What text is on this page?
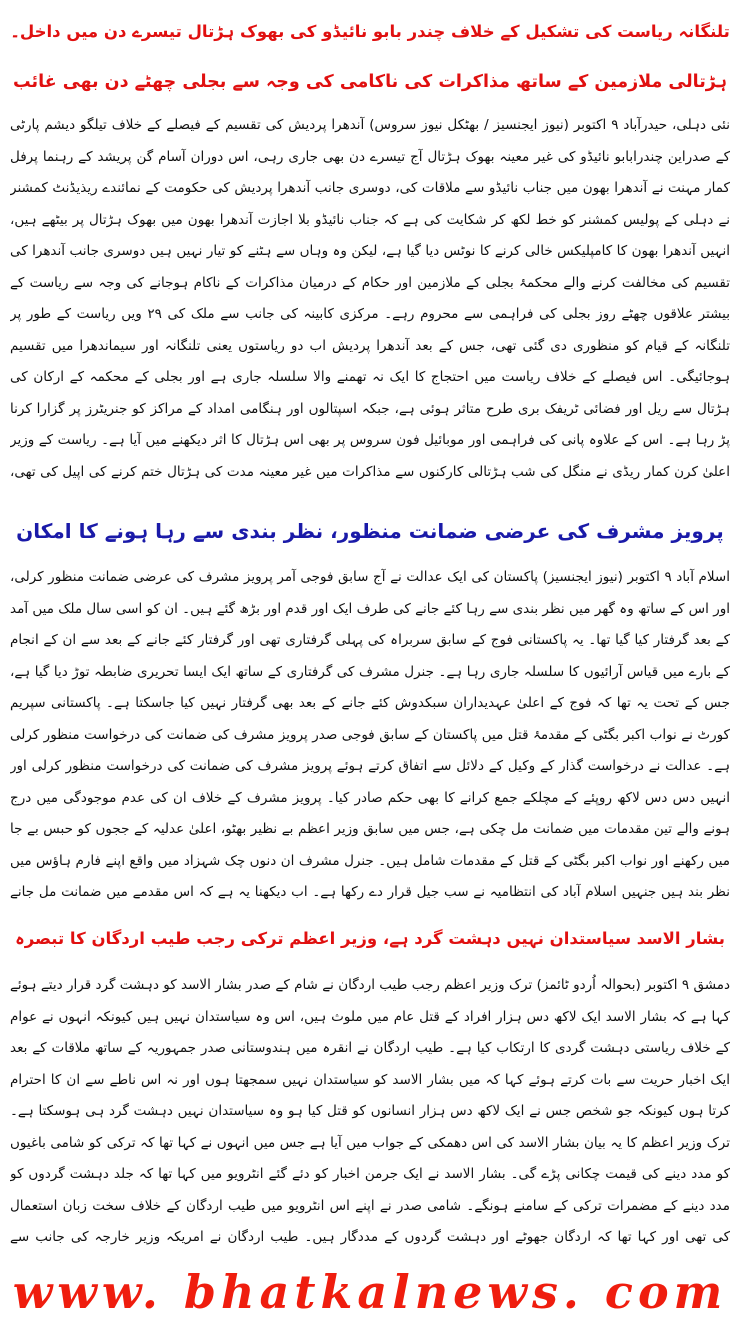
تلنگانہ ریاست کی تشکیل کے خلاف چندر بابو نائیڈو کی بھوک ہڑتال تیسرے دن میں داخل۔
ہڑتالی ملازمین کے ساتھ مذاکرات کی ناکامی کی وجہ سے بجلی چھٹے دن بھی غائب

نئی دہلی، حیدرآباد ۹ اکتوبر (نیوز ایجنسیز / بھٹکل نیوز سروس) آندھرا پردیش کی تقسیم کے فیصلے کے خلاف تیلگو دیشم پارٹی کے صدراین چندرابابو نائیڈو کی غیر معینہ بھوک ہڑتال آج تیسرے دن بھی جاری رہی، اس دوران آسام گن پریشد کے رہنما پرفل کمار مہنت نے آندھرا بھون میں جناب نائیڈو سے ملاقات کی، دوسری جانب آندھرا پردیش کی حکومت کے نمائندے ریذیڈنٹ کمشنر نے دہلی کے پولیس کمشنر کو خط لکھ کر شکایت کی ہے کہ جناب نائیڈو بلا اجازت آندھرا بھون میں بھوک ہڑتال پر بیٹھے ہیں، انہیں آندھرا بھون کا کامپلیکس خالی کرنے کا نوٹس دیا گیا ہے، لیکن وہ وہاں سے ہٹنے کو تیار نہیں ہیں دوسری جانب آندھرا کی تقسیم کی مخالفت کرنے والے محکمۂ بجلی کے ملازمین اور حکام کے درمیان مذاکرات کے ناکام ہوجانے کی وجہ سے ریاست کے بیشتر علاقوں چھٹے روز بجلی کی فراہمی سے محروم رہے۔ مرکزی کابینہ کی جانب سے ملک کی ۲۹ ویں ریاست کے طور پر تلنگانہ کے قیام کو منظوری دی گئی تھی، جس کے بعد آندھرا پردیش اب دو ریاستوں یعنی تلنگانہ اور سیماندھرا میں تقسیم ہوجائیگی۔ اس فیصلے کے خلاف ریاست میں احتجاج کا ایک نہ تھمنے والا سلسلہ جاری ہے اور بجلی کے محکمہ کے ارکان کی ہڑتال سے ریل اور فضائی ٹریفک بری طرح متاثر ہوئی ہے، جبکہ اسپتالوں اور ہنگامی امداد کے مراکز کو جنریٹرز پر گزارا کرنا پڑ رہا ہے۔ اس کے علاوہ پانی کی فراہمی اور موبائیل فون سروس پر بھی اس ہڑتال کا اثر دیکھنے میں آیا ہے۔ ریاست کے وزیر اعلیٰ کرن کمار ریڈی نے منگل کی شب ہڑتالی کارکنوں سے مذاکرات میں غیر معینہ مدت کی ہڑتال ختم کرنے کی اپیل کی تھی،

پرویز مشرف کی عرضی ضمانت منظور، نظر بندی سے رہا ہونے کا امکان

اسلام آباد ۹ اکتوبر (نیوز ایجنسیز) پاکستان کی ایک عدالت نے آج سابق فوجی آمر پرویز مشرف کی عرضی ضمانت منظور کرلی، اور اس کے ساتھ وہ گھر میں نظر بندی سے رہا کئے جانے کی طرف ایک اور قدم اور بڑھ گئے ہیں۔ ان کو اسی سال ملک میں آمد کے بعد گرفتار کیا گیا تھا۔ یہ پاکستانی فوج کے سابق سربراہ کی پہلی گرفتاری تھی اور گرفتار کئے جانے کے بعد سے ان کے انجام کے بارے میں قیاس آرائیوں کا سلسلہ جاری رہا ہے۔ جنرل مشرف کی گرفتاری کے ساتھ ایک ایسا تحریری ضابطہ توڑ دیا گیا ہے، جس کے تحت یہ تھا کہ فوج کے اعلیٰ عہدیداران سبکدوش کئے جانے کے بعد بھی گرفتار نہیں کیا جاسکتا ہے۔ پاکستانی سپریم کورٹ نے نواب اکبر بگٹی کے مقدمۂ قتل میں پاکستان کے سابق فوجی صدر پرویز مشرف کی ضمانت کی درخواست منظور کرلی ہے۔ عدالت نے درخواست گذار کے وکیل کے دلائل سے اتفاق کرتے ہوئے پرویز مشرف کی ضمانت کی درخواست منظور کرلی اور انہیں دس دس لاکھ روپئے کے مچلکے جمع کرانے کا بھی حکم صادر کیا۔ پرویز مشرف کے خلاف ان کی عدم موجودگی میں درج ہونے والے تین مقدمات میں ضمانت مل چکی ہے، جس میں سابق وزیر اعظم بے نظیر بھٹو، اعلیٰ عدلیہ کے ججوں کو حبس بے جا میں رکھنے اور نواب اکبر بگٹی کے قتل کے مقدمات شامل ہیں۔ جنرل مشرف ان دنوں چک شہزاد میں واقع اپنے فارم ہاؤس میں نظر بند ہیں جنہیں اسلام آباد کی انتظامیہ نے سب جیل قرار دے رکھا ہے۔ اب دیکھنا یہ ہے کہ اس مقدمے میں ضمانت مل جانے

بشار الاسد سیاستدان نہیں دہشت گرد ہے، وزیر اعظم ترکی رجب طیب اردگان کا تبصرہ

دمشق ۹ اکتوبر (بحوالہ اُردو ٹائمز) ترک وزیر اعظم رجب طیب اردگان نے شام کے صدر بشار الاسد کو دہشت گرد قرار دیتے ہوئے کہا ہے کہ بشار الاسد ایک لاکھ دس ہزار افراد کے قتل عام میں ملوث ہیں، اس وہ سیاستدان نہیں ہیں کیونکہ انہوں نے عوام کے خلاف ریاستی دہشت گردی کا ارتکاب کیا ہے۔ طیب اردگان نے انقرہ میں ہندوستانی صدر جمہوریہ کے ساتھ ملاقات کے بعد ایک اخبار حریت سے بات کرتے ہوئے کہا کہ میں بشار الاسد کو سیاستدان نہیں سمجھتا ہوں اور نہ اس ناطے سے ان کا احترام کرتا ہوں کیونکہ جو شخص جس نے ایک لاکھ دس ہزار انسانوں کو قتل کیا ہو وہ سیاستدان نہیں دہشت گرد ہی ہوسکتا ہے۔ ترک وزیر اعظم کا یہ بیان بشار الاسد کی اس دھمکی کے جواب میں آیا ہے جس میں انہوں نے کہا تھا کہ ترکی کو شامی باغیوں کو مدد دینے کی قیمت چکانی پڑے گی۔ بشار الاسد نے ایک جرمن اخبار کو دئے گئے انٹرویو میں کہا تھا کہ جلد دہشت گردوں کو مدد دینے کے مضمرات ترکی کے سامنے ہونگے۔ شامی صدر نے اپنے اس انٹرویو میں طیب اردگان کے خلاف سخت زبان استعمال کی تھی اور کہا تھا کہ اردگان جھوٹے اور دہشت گردوں کے مددگار ہیں۔ طیب اردگان نے امریکہ وزیر خارجہ کی جانب سے

www. bhatkalnews. com
